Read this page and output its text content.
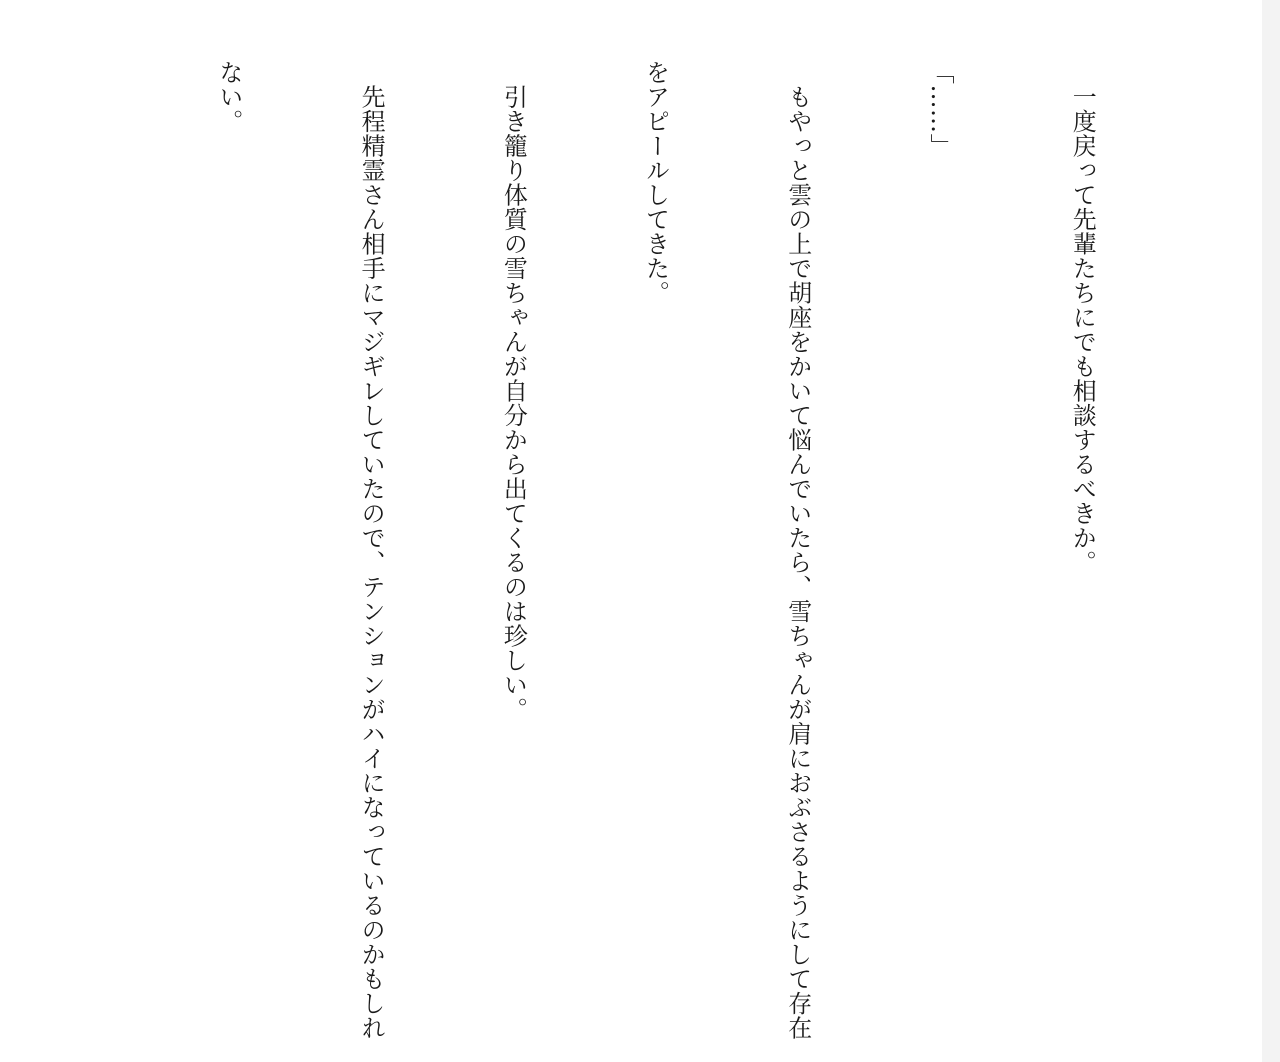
　一度戻って先輩たちにでも相談するべきか。

「……」

　もやっと雲の上で胡座をかいて悩んでいたら、雪ちゃんが肩におぶさるようにして存在

をアピールしてきた。

　引き籠り体質の雪ちゃんが自分から出てくるのは珍しい。

　先程精霊さん相手にマジギレしていたので、テンションがハイになっているのかもしれ

ない。
